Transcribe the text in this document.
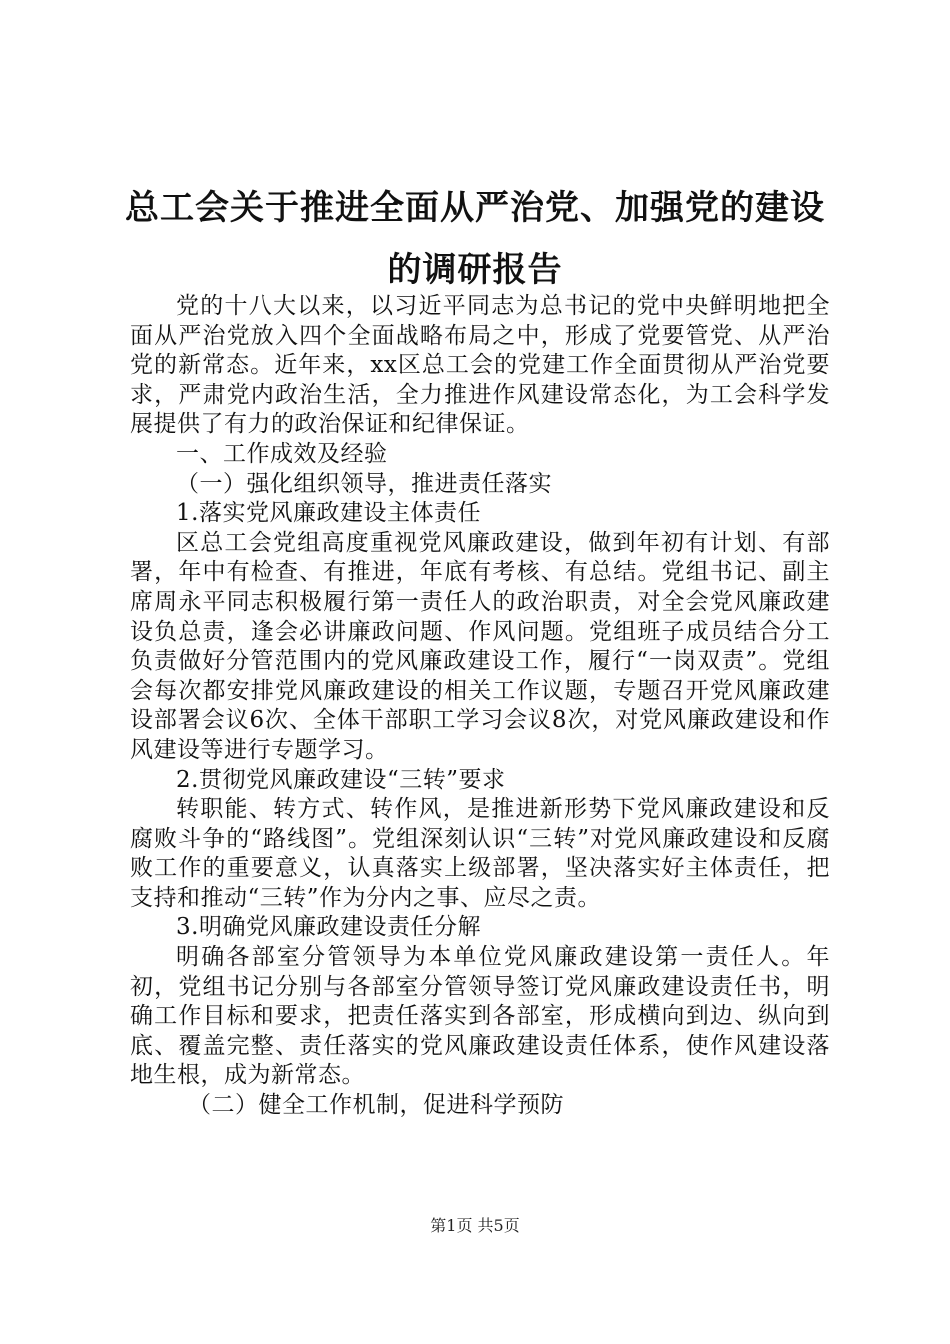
总工会关于推进全面从严治党、加强党的建设
的调研报告

党的十八大以来，以习近平同志为总书记的党中央鲜明地把全面从严治党放入四个全面战略布局之中，形成了党要管党、从严治党的新常态。近年来，xx区总工会的党建工作全面贯彻从严治党要求，严肃党内政治生活，全力推进作风建设常态化，为工会科学发展提供了有力的政治保证和纪律保证。

一、工作成效及经验

（一）强化组织领导，推进责任落实

1.落实党风廉政建设主体责任

区总工会党组高度重视党风廉政建设，做到年初有计划、有部署，年中有检查、有推进，年底有考核、有总结。党组书记、副主席周永平同志积极履行第一责任人的政治职责，对全会党风廉政建设负总责，逢会必讲廉政问题、作风问题。党组班子成员结合分工负责做好分管范围内的党风廉政建设工作，履行“一岗双责”。党组会每次都安排党风廉政建设的相关工作议题，专题召开党风廉政建设部署会议6次、全体干部职工学习会议8次，对党风廉政建设和作风建设等进行专题学习。

2.贯彻党风廉政建设“三转”要求

转职能、转方式、转作风，是推进新形势下党风廉政建设和反腐败斗争的“路线图”。党组深刻认识“三转”对党风廉政建设和反腐败工作的重要意义，认真落实上级部署，坚决落实好主体责任，把支持和推动“三转”作为分内之事、应尽之责。

3.明确党风廉政建设责任分解

明确各部室分管领导为本单位党风廉政建设第一责任人。年初，党组书记分别与各部室分管领导签订党风廉政建设责任书，明确工作目标和要求，把责任落实到各部室，形成横向到边、纵向到底、覆盖完整、责任落实的党风廉政建设责任体系，使作风建设落地生根，成为新常态。

（二）健全工作机制，促进科学预防

第1页 共5页
